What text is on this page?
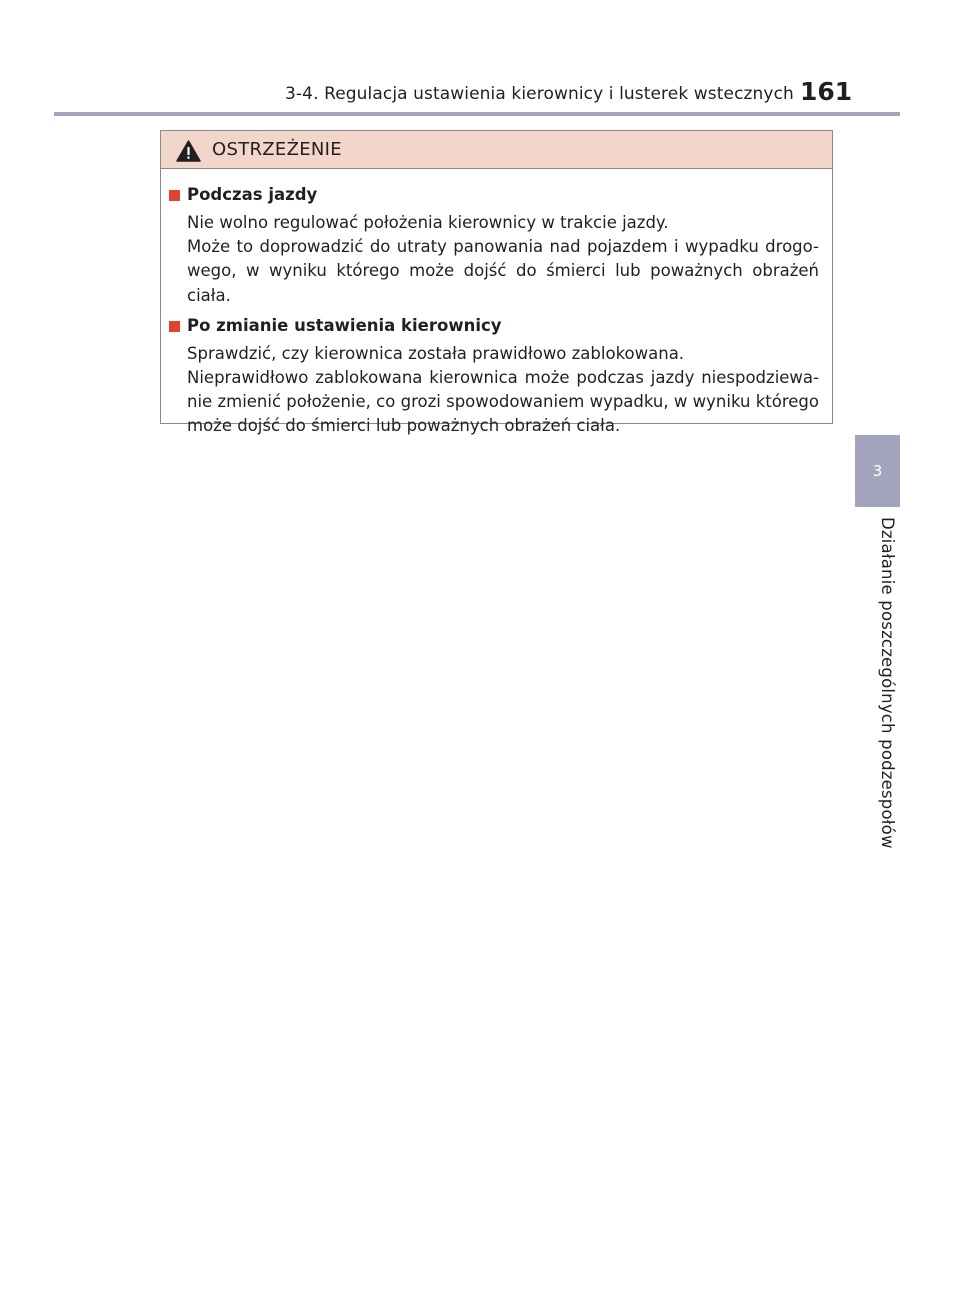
3-4. Regulacja ustawienia kierownicy i lusterek wstecznych 161
OSTRZEŻENIE
Podczas jazdy
Nie wolno regulować położenia kierownicy w trakcie jazdy.
Może to doprowadzić do utraty panowania nad pojazdem i wypadku drogo-wego, w wyniku którego może dojść do śmierci lub poważnych obrażeń ciała.
Po zmianie ustawienia kierownicy
Sprawdzić, czy kierownica została prawidłowo zablokowana.
Nieprawidłowo zablokowana kierownica może podczas jazdy niespodziewa-nie zmienić położenie, co grozi spowodowaniem wypadku, w wyniku którego może dojść do śmierci lub poważnych obrażeń ciała.
3
Działanie poszczególnych podzespołów
